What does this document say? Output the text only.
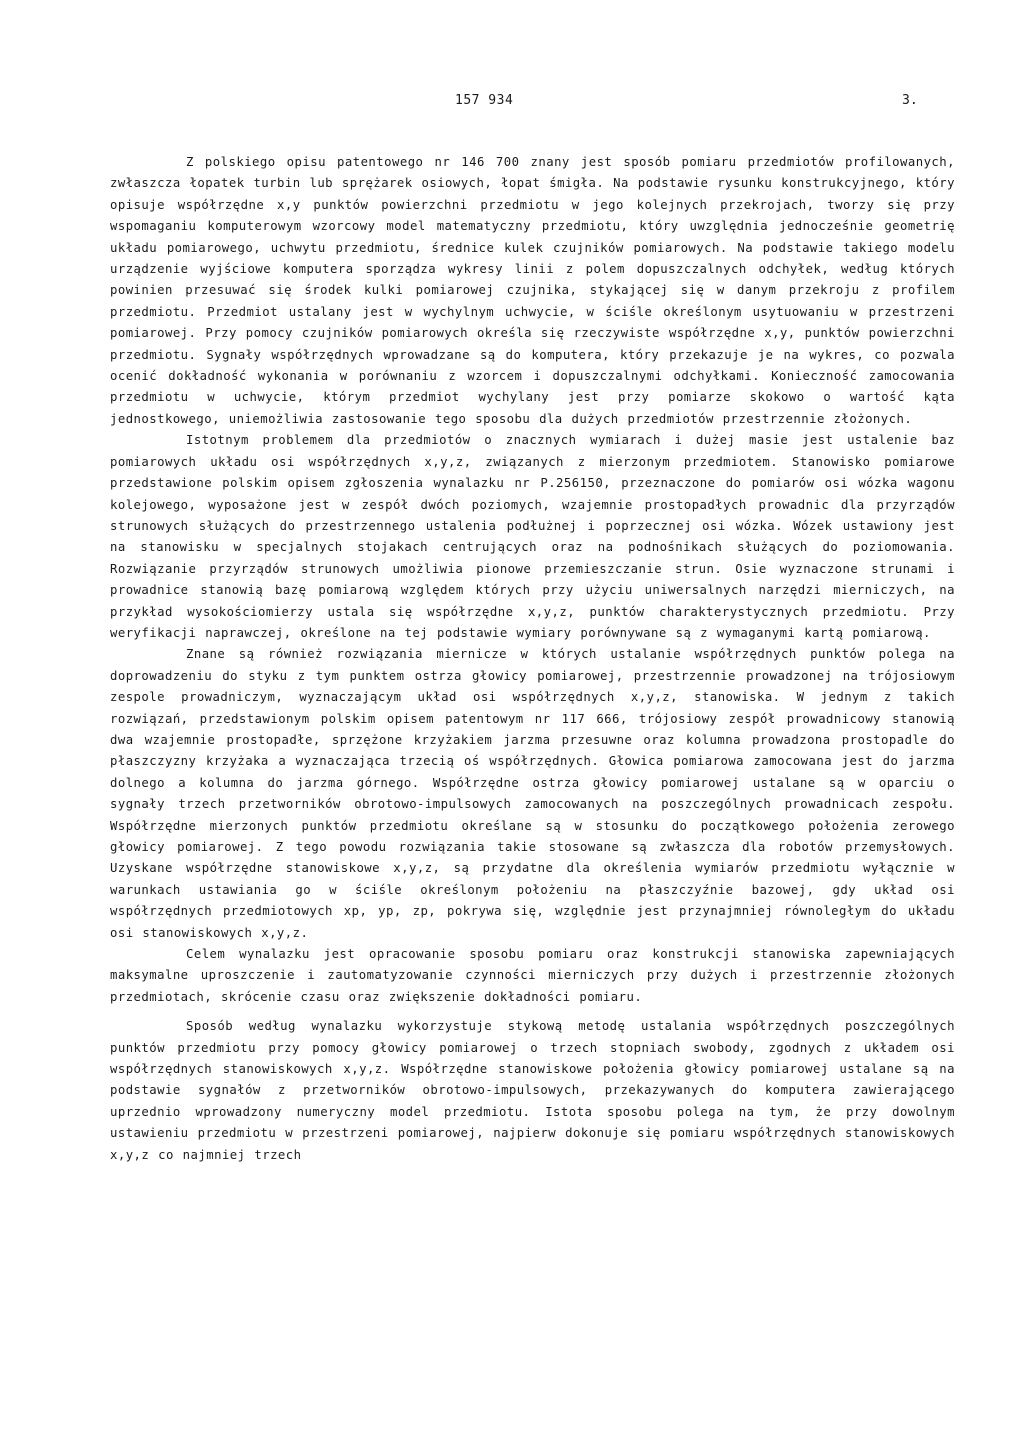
157 934	3.

Z polskiego opisu patentowego nr 146 700 znany jest sposób pomiaru przedmiotów profilowanych, zwłaszcza łopatek turbin lub sprężarek osiowych, łopat śmigła. Na podstawie rysunku konstrukcyjnego, który opisuje współrzędne x,y punktów powierzchni przedmiotu w jego kolejnych przekrojach, tworzy się przy wspomaganiu komputerowym wzorcowy model matematyczny przedmiotu, który uwzględnia jednocześnie geometrię układu pomiarowego, uchwytu przedmiotu, średnice kulek czujników pomiarowych. Na podstawie takiego modelu urządzenie wyjściowe komputera sporządza wykresy linii z polem dopuszczalnych odchyłek, według których powinien przesuwać się środek kulki pomiarowej czujnika, stykającej się w danym przekroju z profilem przedmiotu. Przedmiot ustalany jest w wychylnym uchwycie, w ściśle określonym usytuowaniu w przestrzeni pomiarowej. Przy pomocy czujników pomiarowych określa się rzeczywiste współrzędne x,y, punktów powierzchni przedmiotu. Sygnały współrzędnych wprowadzane są do komputera, który przekazuje je na wykres, co pozwala ocenić dokładność wykonania w porównaniu z wzorcem i dopuszczalnymi odchyłkami. Konieczność zamocowania przedmiotu w uchwycie, którym przedmiot wychylany jest przy pomiarze skokowo o wartość kąta jednostkowego, uniemożliwia zastosowanie tego sposobu dla dużych przedmiotów przestrzennie złożonych.

Istotnym problemem dla przedmiotów o znacznych wymiarach i dużej masie jest ustalenie baz pomiarowych układu osi współrzędnych x,y,z, związanych z mierzonym przedmiotem. Stanowisko pomiarowe przedstawione polskim opisem zgłoszenia wynalazku nr P.256150, przeznaczone do pomiarów osi wózka wagonu kolejowego, wyposażone jest w zespół dwóch poziomych, wzajemnie prostopadłych prowadnic dla przyrządów strunowych służących do przestrzennego ustalenia podłużnej i poprzecznej osi wózka. Wózek ustawiony jest na stanowisku w specjalnych stojakach centrujących oraz na podnośnikach służących do poziomowania. Rozwiązanie przyrządów strunowych umożliwia pionowe przemieszczanie strun. Osie wyznaczone strunami i prowadnice stanowią bazę pomiarową względem których przy użyciu uniwersalnych narzędzi mierniczych, na przykład wysokościomierzy ustala się współrzędne x,y,z, punktów charakterystycznych przedmiotu. Przy weryfikacji naprawczej, określone na tej podstawie wymiary porównywane są z wymaganymi kartą pomiarową.

Znane są również rozwiązania miernicze w których ustalanie współrzędnych punktów polega na doprowadzeniu do styku z tym punktem ostrza głowicy pomiarowej, przestrzennie prowadzonej na trójosiowym zespole prowadniczym, wyznaczającym układ osi współrzędnych x,y,z, stanowiska. W jednym z takich rozwiązań, przedstawionym polskim opisem patentowym nr 117 666, trójosiowy zespół prowadnicowy stanowią dwa wzajemnie prostopadłe, sprzężone krzyżakiem jarzma przesuwne oraz kolumna prowadzona prostopadle do płaszczyzny krzyżaka a wyznaczająca trzecią oś współrzędnych. Głowica pomiarowa zamocowana jest do jarzma dolnego a kolumna do jarzma górnego. Współrzędne ostrza głowicy pomiarowej ustalane są w oparciu o sygnały trzech przetworników obrotowo-impulsowych zamocowanych na poszczególnych prowadnicach zespołu. Współrzędne mierzonych punktów przedmiotu określane są w stosunku do początkowego położenia zerowego głowicy pomiarowej. Z tego powodu rozwiązania takie stosowane są zwłaszcza dla robotów przemysłowych. Uzyskane współrzędne stanowiskowe x,y,z, są przydatne dla określenia wymiarów przedmiotu wyłącznie w warunkach ustawiania go w ściśle określonym położeniu na płaszczyźnie bazowej, gdy układ osi współrzędnych przedmiotowych xp, yp, zp, pokrywa się, względnie jest przynajmniej równoległym do układu osi stanowiskowych x,y,z.

Celem wynalazku jest opracowanie sposobu pomiaru oraz konstrukcji stanowiska zapewniających maksymalne uproszczenie i zautomatyzowanie czynności mierniczych przy dużych i przestrzennie złożonych przedmiotach, skrócenie czasu oraz zwiększenie dokładności pomiaru.

Sposób według wynalazku wykorzystuje stykową metodę ustalania współrzędnych poszczególnych punktów przedmiotu przy pomocy głowicy pomiarowej o trzech stopniach swobody, zgodnych z układem osi współrzędnych stanowiskowych x,y,z. Współrzędne stanowiskowe położenia głowicy pomiarowej ustalane są na podstawie sygnałów z przetworników obrotowo-impulsowych, przekazywanych do komputera zawierającego uprzednio wprowadzony numeryczny model przedmiotu. Istota sposobu polega na tym, że przy dowolnym ustawieniu przedmiotu w przestrzeni pomiarowej, najpierw dokonuje się pomiaru współrzędnych stanowiskowych x,y,z co najmniej trzech
